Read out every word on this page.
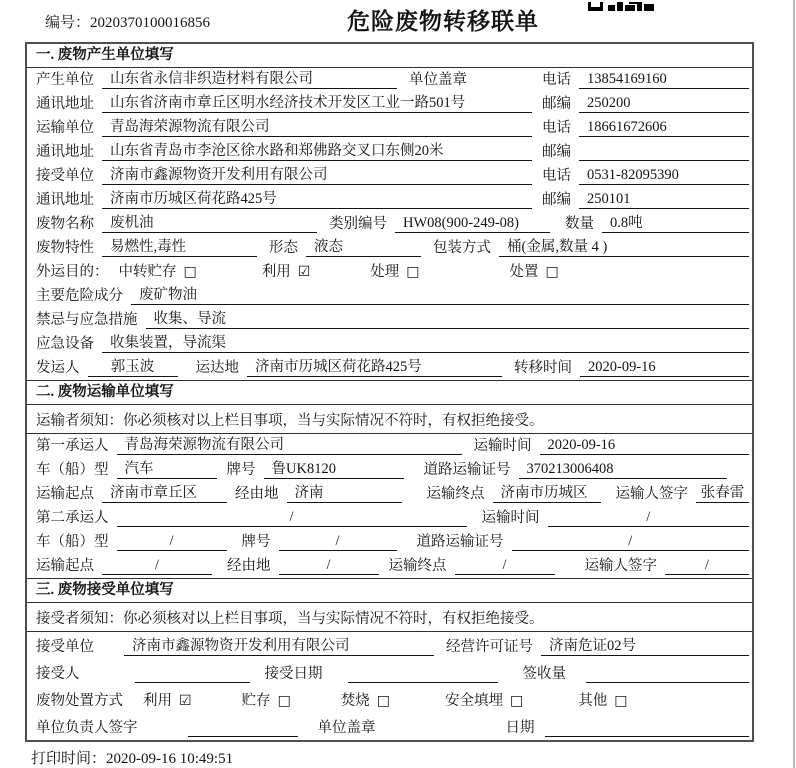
编号：2020370100016856	危险废物转移联单
一. 废物产生单位填写
产生单位	山东省永信非织造材料有限公司	单位盖章	电话	13854169160
通讯地址	山东省济南市章丘区明水经济技术开发区工业一路501号	邮编	250200
运输单位	青岛海荣源物流有限公司	电话	18661672606
通讯地址	山东省青岛市李沧区徐水路和郑佛路交叉口东侧20米	邮编
接受单位	济南市鑫源物资开发利用有限公司	电话	0531-82095390
通讯地址	济南市历城区荷花路425号	邮编	250101
废物名称	废机油	类别编号	HW08(900-249-08)	数量	0.8吨
废物特性	易燃性,毒性	形态	液态	包装方式	桶(金属,数量 4 )
外运目的： 中转贮存 □	利用 ☑	处理 □	处置 □
主要危险成分	废矿物油
禁忌与应急措施	收集、导流
应急设备	收集装置，导流渠
发运人	郭玉波	运达地	济南市历城区荷花路425号	转移时间	2020-09-16
二. 废物运输单位填写
运输者须知：你必须核对以上栏目事项，当与实际情况不符时，有权拒绝接受。
第一承运人	青岛海荣源物流有限公司	运输时间	2020-09-16
车（船）型	汽车	牌号	鲁UK8120	道路运输证号	370213006408
运输起点	济南市章丘区	经由地	济南	运输终点	济南市历城区	运输人签字 张春雷
第二承运人	/	运输时间	/
车（船）型	/	牌号	/	道路运输证号	/
运输起点	/	经由地	/	运输终点	/	运输人签字	/
三. 废物接受单位填写
接受者须知：你必须核对以上栏目事项，当与实际情况不符时，有权拒绝接受。
接受单位	济南市鑫源物资开发利用有限公司	经营许可证号	济南危证02号
接受人	接受日期	签收量
废物处置方式 利用 ☑	贮存 □	焚烧 □	安全填埋 □	其他 □
单位负责人签字	单位盖章	日期
打印时间：2020-09-16 10:49:51
